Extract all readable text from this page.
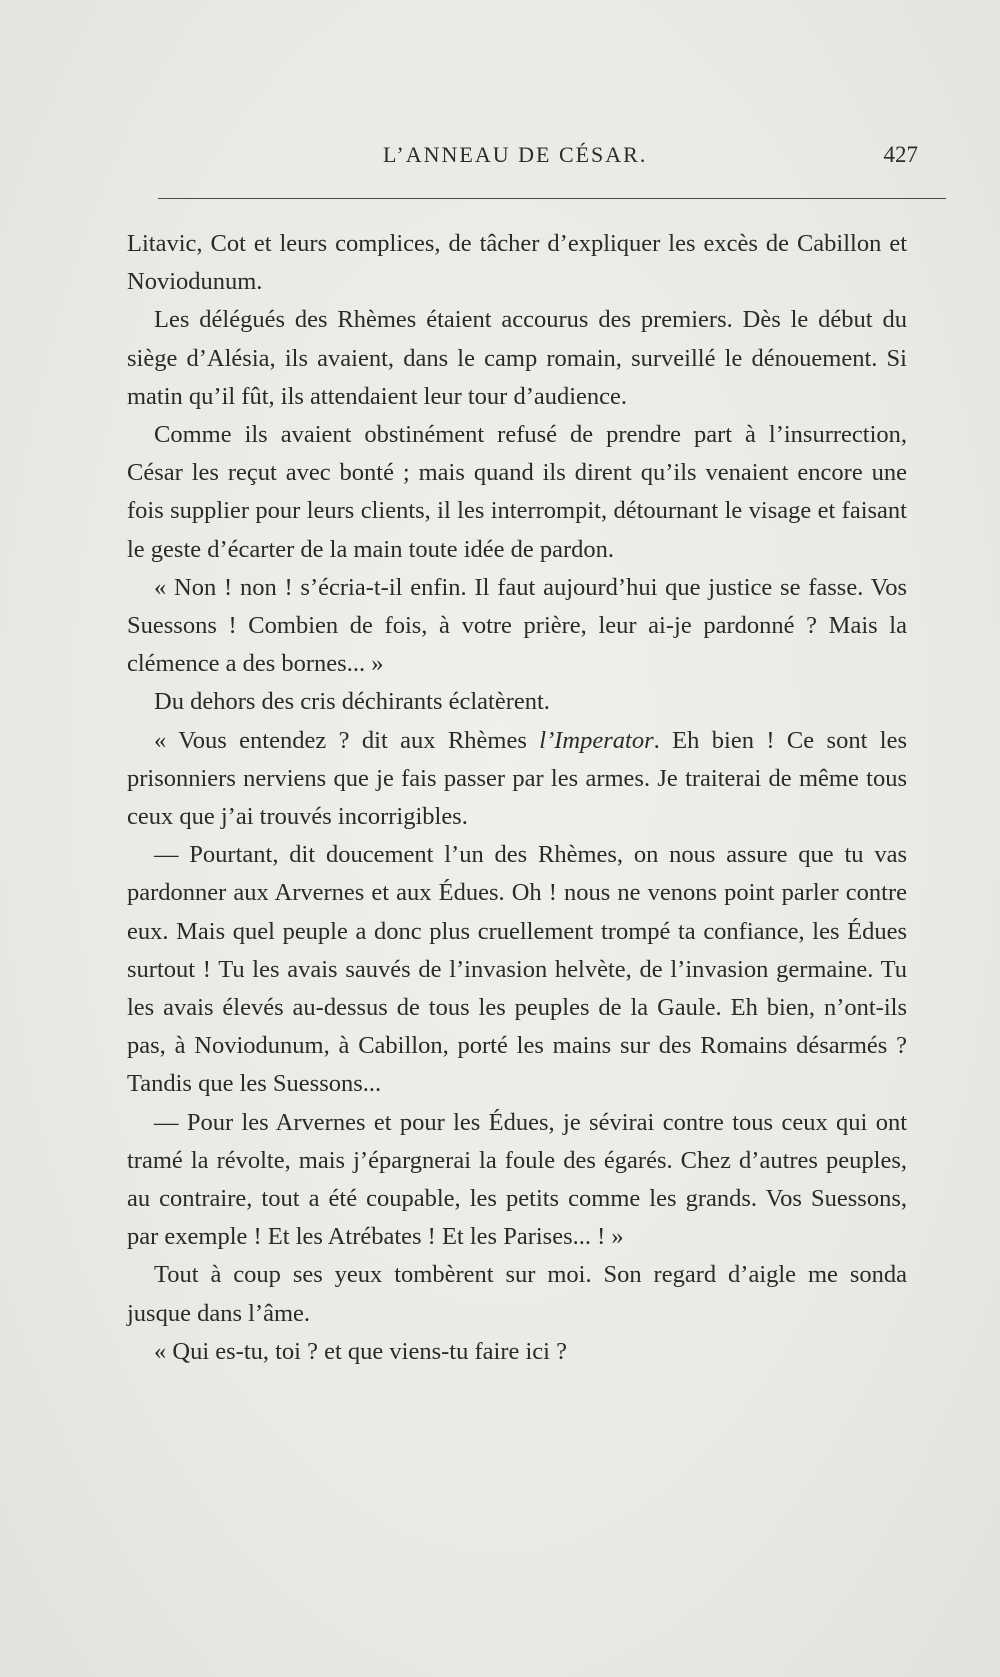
L’ANNEAU DE CÉSAR.	427

Litavic, Cot et leurs complices, de tâcher d’expliquer les excès de Cabillon et Noviodunum.

Les délégués des Rhèmes étaient accourus des premiers. Dès le début du siège d’Alésia, ils avaient, dans le camp romain, surveillé le dénouement. Si matin qu’il fût, ils attendaient leur tour d’audience.

Comme ils avaient obstinément refusé de prendre part à l’insurrection, César les reçut avec bonté ; mais quand ils dirent qu’ils venaient encore une fois supplier pour leurs clients, il les interrompit, détournant le visage et faisant le geste d’écarter de la main toute idée de pardon.

« Non ! non ! s’écria-t-il enfin. Il faut aujourd’hui que justice se fasse. Vos Suessons ! Combien de fois, à votre prière, leur ai-je pardonné ? Mais la clémence a des bornes... »

Du dehors des cris déchirants éclatèrent.

« Vous entendez ? dit aux Rhèmes l’Imperator. Eh bien ! Ce sont les prisonniers nerviens que je fais passer par les armes. Je traiterai de même tous ceux que j’ai trouvés incorrigibles.

— Pourtant, dit doucement l’un des Rhèmes, on nous assure que tu vas pardonner aux Arvernes et aux Édues. Oh ! nous ne venons point parler contre eux. Mais quel peuple a donc plus cruellement trompé ta confiance, les Édues surtout ! Tu les avais sauvés de l’invasion helvète, de l’invasion germaine. Tu les avais élevés au-dessus de tous les peuples de la Gaule. Eh bien, n’ont-ils pas, à Noviodunum, à Cabillon, porté les mains sur des Romains désarmés ? Tandis que les Suessons...

— Pour les Arvernes et pour les Édues, je sévirai contre tous ceux qui ont tramé la révolte, mais j’épargnerai la foule des égarés. Chez d’autres peuples, au contraire, tout a été coupable, les petits comme les grands. Vos Suessons, par exemple ! Et les Atrébates ! Et les Parises... ! »

Tout à coup ses yeux tombèrent sur moi. Son regard d’aigle me sonda jusque dans l’âme.

« Qui es-tu, toi ? et que viens-tu faire ici ?
